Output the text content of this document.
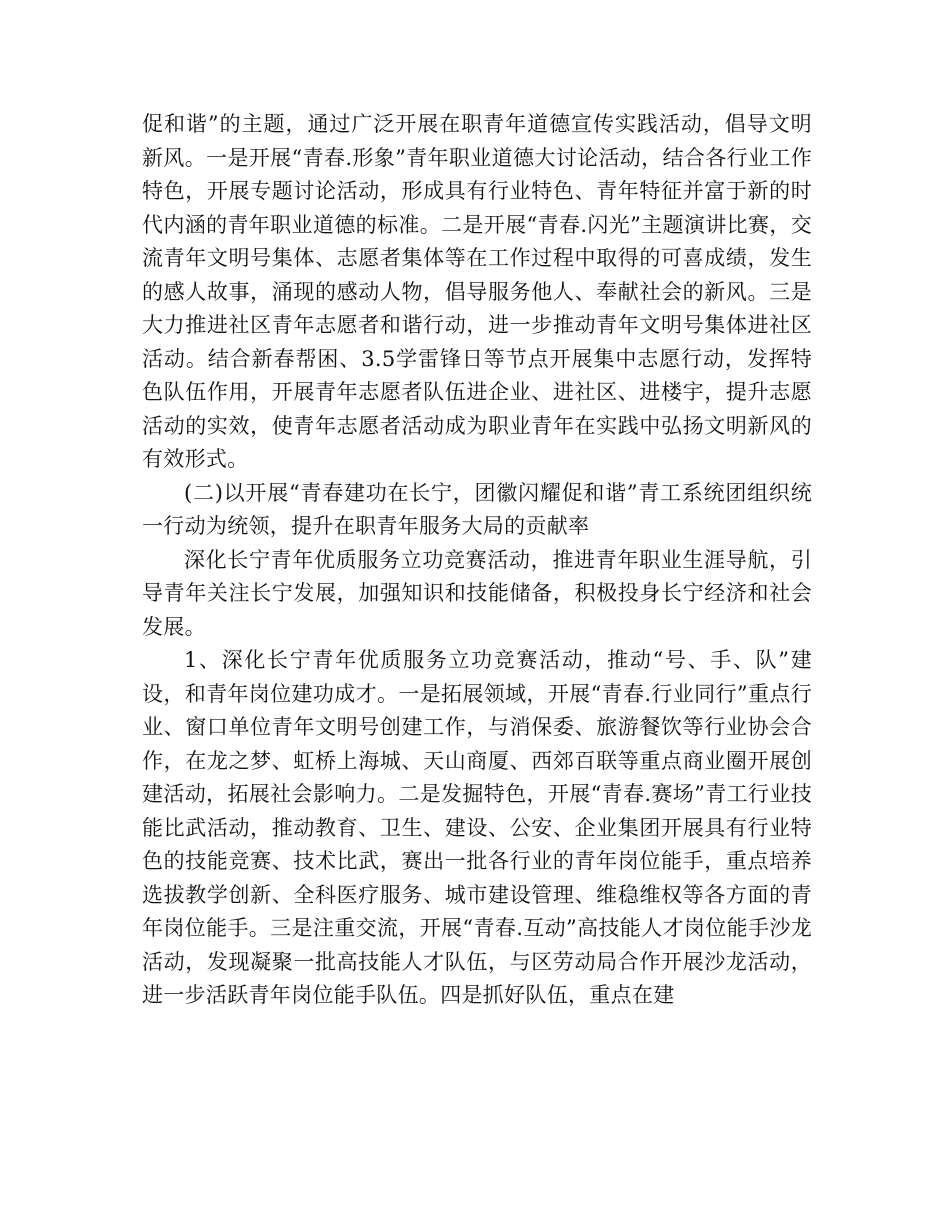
促和谐”的主题，通过广泛开展在职青年道德宣传实践活动，倡导文明新风。一是开展“青春.形象”青年职业道德大讨论活动，结合各行业工作特色，开展专题讨论活动，形成具有行业特色、青年特征并富于新的时代内涵的青年职业道德的标准。二是开展“青春.闪光”主题演讲比赛，交流青年文明号集体、志愿者集体等在工作过程中取得的可喜成绩，发生的感人故事，涌现的感动人物，倡导服务他人、奉献社会的新风。三是大力推进社区青年志愿者和谐行动，进一步推动青年文明号集体进社区活动。结合新春帮困、3.5学雷锋日等节点开展集中志愿行动，发挥特色队伍作用，开展青年志愿者队伍进企业、进社区、进楼宇，提升志愿活动的实效，使青年志愿者活动成为职业青年在实践中弘扬文明新风的有效形式。

(二)以开展“青春建功在长宁，团徽闪耀促和谐”青工系统团组织统一行动为统领，提升在职青年服务大局的贡献率

深化长宁青年优质服务立功竞赛活动，推进青年职业生涯导航，引导青年关注长宁发展，加强知识和技能储备，积极投身长宁经济和社会发展。

1、深化长宁青年优质服务立功竞赛活动，推动“号、手、队”建设，和青年岗位建功成才。一是拓展领域，开展“青春.行业同行”重点行业、窗口单位青年文明号创建工作，与消保委、旅游餐饮等行业协会合作，在龙之梦、虹桥上海城、天山商厦、西郊百联等重点商业圈开展创建活动，拓展社会影响力。二是发掘特色，开展“青春.赛场”青工行业技能比武活动，推动教育、卫生、建设、公安、企业集团开展具有行业特色的技能竞赛、技术比武，赛出一批各行业的青年岗位能手，重点培养选拔教学创新、全科医疗服务、城市建设管理、维稳维权等各方面的青年岗位能手。三是注重交流，开展“青春.互动”高技能人才岗位能手沙龙活动，发现凝聚一批高技能人才队伍，与区劳动局合作开展沙龙活动，进一步活跃青年岗位能手队伍。四是抓好队伍，重点在建
